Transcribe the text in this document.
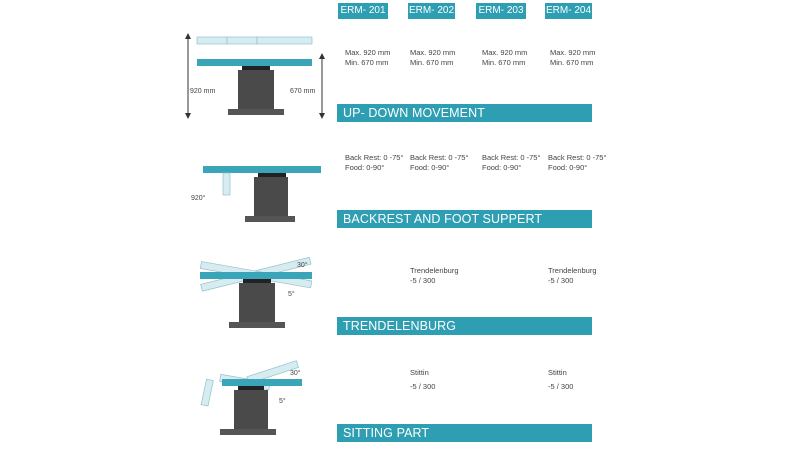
ERM- 201 ERM- 202 ERM- 203 ERM- 204
920 mm	670 mm
Max. 920 mm
Min. 670 mm
Max. 920 mm
Min. 670 mm
Max. 920 mm
Min. 670 mm
Max. 920 mm
Min. 670 mm
UP- DOWN MOVEMENT
920°
Back Rest: 0 -75°
Food: 0-90°
Back Rest: 0 -75°
Food: 0-90°
Back Rest: 0 -75°
Food: 0-90°
Back Rest: 0 -75°
Food: 0-90°
BACKREST AND FOOT SUPPERT
30°
5°
Trendelenburg
-5 / 300
Trendelenburg
-5 / 300
TRENDELENBURG
30°
5°
Stittin
-5 / 300
Stittin
-5 / 300
SITTING PART
